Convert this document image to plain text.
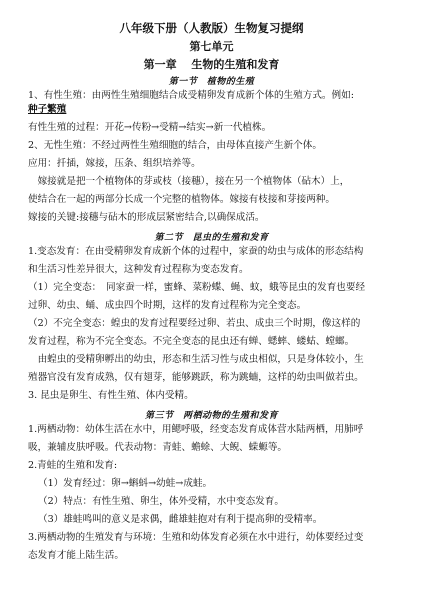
八年级下册（人教版）生物复习提纲
第七单元
第一章　 生物的生殖和发育
第一节　植物的生殖
1、有性生殖：由两性生殖细胞结合成受精卵发育成新个体的生殖方式。例如:
种子繁殖
有性生殖的过程：开花→传粉→受精→结实→新一代植株。
2、无性生殖：不经过两性生殖细胞的结合，由母体直接产生新个体。
应用：扦插，嫁接，压条、组织培养等。
　嫁接就是把一个植物体的芽或枝（接穗），接在另一个植物体（砧木）上，
使结合在一起的两部分长成一个完整的植物体。嫁接有枝接和芽接两种。
嫁接的关键:接穗与砧木的形成层紧密结合,以确保成活。
第二节　昆虫的生殖和发育
1.变态发育：在由受精卵发育成新个体的过程中，家蚕的幼虫与成体的形态结构
和生活习性差异很大，这种发育过程称为变态发育。
（1）完全变态：　同家蚕一样，蜜蜂、菜粉蝶、蝇、蚊，蛾等昆虫的发育也要经
过卵、幼虫、蛹、成虫四个时期，这样的发育过程称为完全变态。
（2）不完全变态：蝗虫的发育过程要经过卵、若虫、成虫三个时期，像这样的
发育过程，称为不完全变态。不完全变态的昆虫还有蝉、蟋蟀、蝼蛄、螳螂。
　由蝗虫的受精卵孵出的幼虫，形态和生活习性与成虫相似，只是身体较小，生
殖器官没有发育成熟，仅有翅芽，能够跳跃，称为跳蝻，这样的幼虫叫做若虫。
3. 昆虫是卵生、有性生殖、体内受精。
第三节　两栖动物的生殖和发育
1.两栖动物：幼体生活在水中，用鳃呼吸，经变态发育成体营水陆两栖，用肺呼
吸，兼辅皮肤呼吸。代表动物：青蛙、蟾蜍、大鲵、蝾螈等。
2.青蛙的生殖和发育:
（1）发育经过：卵→蝌蚪→幼蛙→成蛙。
（2）特点：有性生殖、卵生，体外受精，水中变态发育。
（3）雄蛙鸣叫的意义是求偶，雌雄蛙抱对有利于提高卵的受精率。
3.两栖动物的生殖发育与环境：生殖和幼体发育必须在水中进行，幼体要经过变
态发育才能上陆生活。
